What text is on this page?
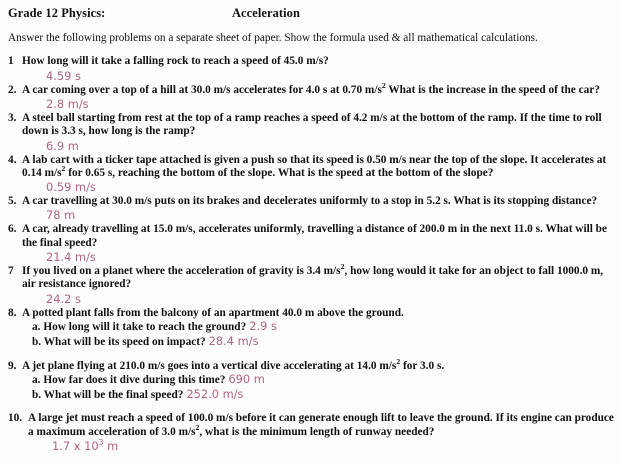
Grade 12 Physics:	Acceleration
Answer the following problems on a separate sheet of paper. Show the formula used & all mathematical calculations.
1 How long will it take a falling rock to reach a speed of 45.0 m/s?
4.59 s
2. A car coming over a top of a hill at 30.0 m/s accelerates for 4.0 s at 0.70 $m/s^2$ What is the increase in the speed of the car?
2.8 m/s
3. A steel ball starting from rest at the top of a ramp reaches a speed of 4.2 m/s at the bottom of the ramp. If the time to roll down is 3.3 s, how long is the ramp?
6.9 m
4. A lab cart with a ticker tape attached is given a push so that its speed is 0.50 m/s near the top of the slope. It accelerates at 0.14 $m/s^2$ for 0.65 s, reaching the bottom of the slope. What is the speed at the bottom of the slope?
0.59 m/s
5. A car travelling at 30.0 m/s puts on its brakes and decelerates uniformly to a stop in 5.2 s. What is its stopping distance?
78 m
6. A car, already travelling at 15.0 m/s, accelerates uniformly, travelling a distance of 200.0 m in the next 11.0 s. What will be the final speed?
21.4 m/s
7 If you lived on a planet where the acceleration of gravity is 3.4 $m/s^2$, how long would it take for an object to fall 1000.0 m, air resistance ignored?
24.2 s
8. A potted plant falls from the balcony of an apartment 40.0 m above the ground.
a. How long will it take to reach the ground? 2.9 s
b. What will be its speed on impact? 28.4 m/s
9. A jet plane flying at 210.0 m/s goes into a vertical dive accelerating at 14.0 $m/s^2$ for 3.0 s.
a. How far does it dive during this time? 690 m
b. What will be the final speed? 252.0 m/s
10. A large jet must reach a speed of 100.0 m/s before it can generate enough lift to leave the ground. If its engine can produce a maximum acceleration of 3.0 $m/s^2$, what is the minimum length of runway needed?
1.7 x $10^3$ m
